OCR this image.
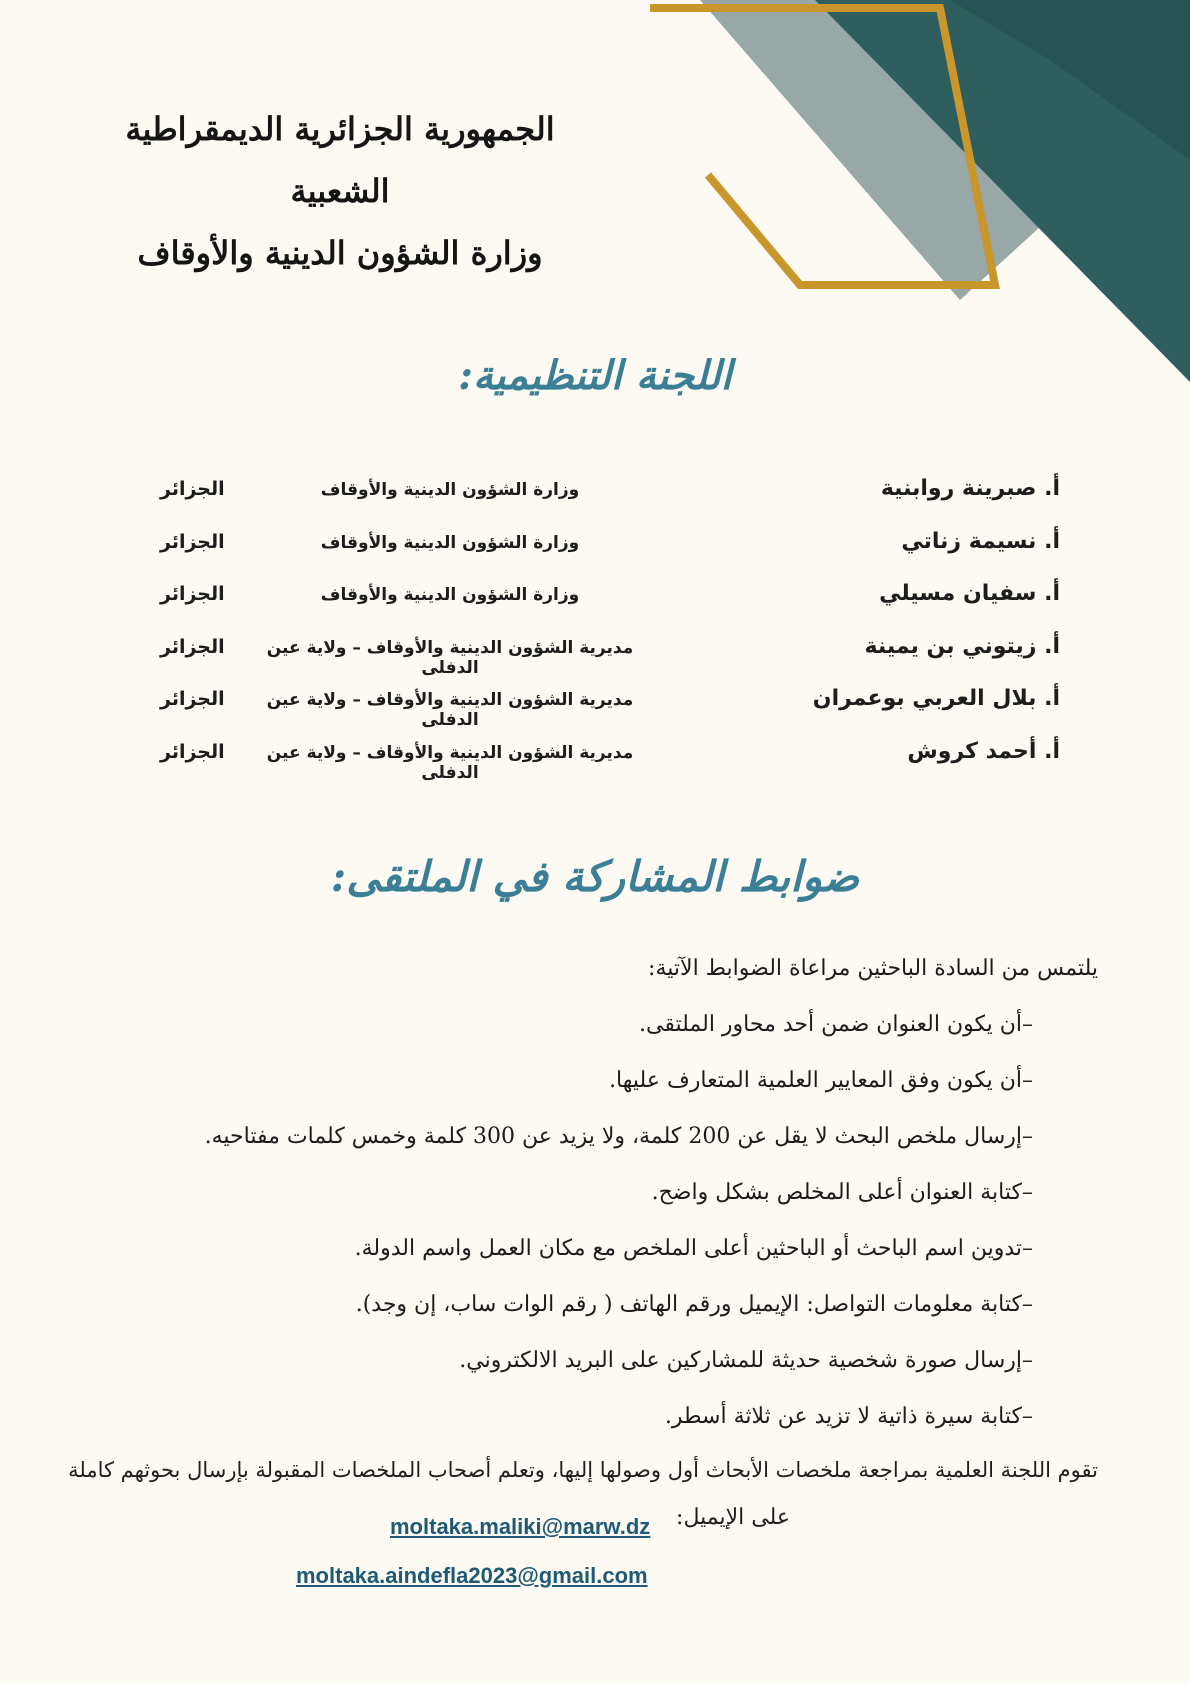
الجمهورية الجزائرية الديمقراطية الشعبية
وزارة الشؤون الدينية والأوقاف
اللجنة التنظيمية:
أ. صبرينة روابنية
وزارة الشؤون الدينية والأوقاف
الجزائر
أ. نسيمة زناتي
وزارة الشؤون الدينية والأوقاف
الجزائر
أ. سفيان مسيلي
وزارة الشؤون الدينية والأوقاف
الجزائر
أ. زيتوني بن يمينة
مديرية الشؤون الدينية والأوقاف – ولاية عين الدفلى
الجزائر
أ. بلال العربي بوعمران
مديرية الشؤون الدينية والأوقاف – ولاية عين الدفلى
الجزائر
أ. أحمد كروش
مديرية الشؤون الدينية والأوقاف – ولاية عين الدفلى
الجزائر
ضوابط المشاركة في الملتقى:
يلتمس من السادة الباحثين مراعاة الضوابط الآتية:
–أن يكون العنوان ضمن أحد محاور الملتقى.
–أن يكون وفق المعايير العلمية المتعارف عليها.
–إرسال ملخص البحث لا يقل عن 200 كلمة، ولا يزيد عن 300 كلمة وخمس كلمات مفتاحيه.
–كتابة العنوان أعلى المخلص بشكل واضح.
–تدوين اسم الباحث أو الباحثين أعلى الملخص مع مكان العمل واسم الدولة.
–كتابة معلومات التواصل: الإيميل ورقم الهاتف ( رقم الوات ساب، إن وجد).
–إرسال صورة شخصية حديثة للمشاركين على البريد الالكتروني.
–كتابة سيرة ذاتية لا تزيد عن ثلاثة أسطر.
تقوم اللجنة العلمية بمراجعة ملخصات الأبحاث أول وصولها إليها، وتعلم أصحاب الملخصات المقبولة بإرسال بحوثهم كاملة
على الإيميل:
moltaka.maliki@marw.dz
moltaka.aindefla2023@gmail.com
